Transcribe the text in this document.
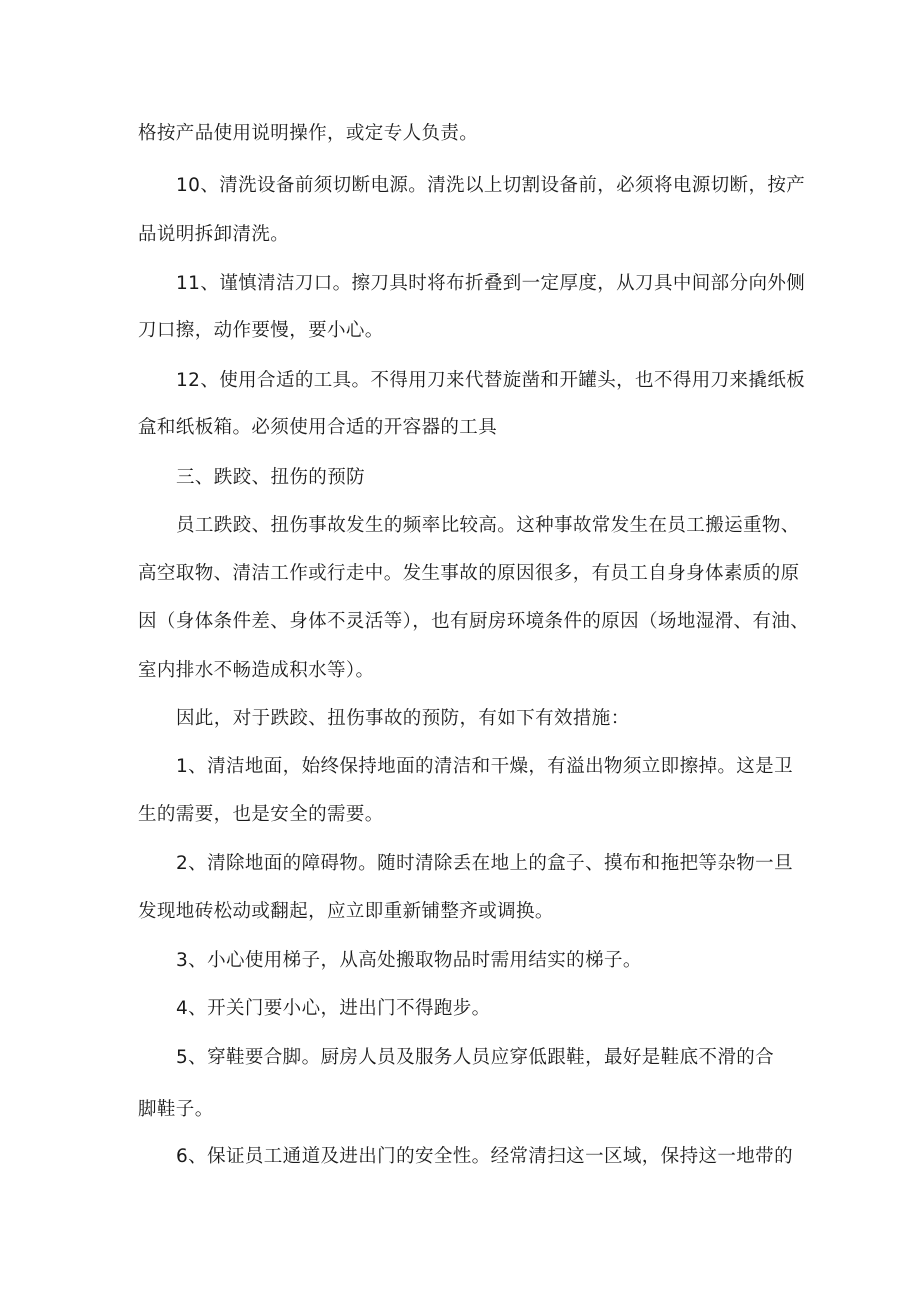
格按产品使用说明操作，或定专人负责。
10、清洗设备前须切断电源。清洗以上切割设备前，必须将电源切断，按产
品说明拆卸清洗。
11、谨慎清洁刀口。擦刀具时将布折叠到一定厚度，从刀具中间部分向外侧
刀口擦，动作要慢，要小心。
12、使用合适的工具。不得用刀来代替旋凿和开罐头，也不得用刀来撬纸板
盒和纸板箱。必须使用合适的开容器的工具
三、跌跤、扭伤的预防
员工跌跤、扭伤事故发生的频率比较高。这种事故常发生在员工搬运重物、
高空取物、清洁工作或行走中。发生事故的原因很多，有员工自身身体素质的原
因（身体条件差、身体不灵活等），也有厨房环境条件的原因（场地湿滑、有油、
室内排水不畅造成积水等）。
因此，对于跌跤、扭伤事故的预防，有如下有效措施：
1、清洁地面，始终保持地面的清洁和干燥，有溢出物须立即擦掉。这是卫
生的需要，也是安全的需要。
2、清除地面的障碍物。随时清除丢在地上的盒子、摸布和拖把等杂物一旦
发现地砖松动或翻起，应立即重新铺整齐或调换。
3、小心使用梯子，从高处搬取物品时需用结实的梯子。
4、开关门要小心，进出门不得跑步。
5、穿鞋要合脚。厨房人员及服务人员应穿低跟鞋，最好是鞋底不滑的合
脚鞋子。
6、保证员工通道及进出门的安全性。经常清扫这一区域，保持这一地带的
